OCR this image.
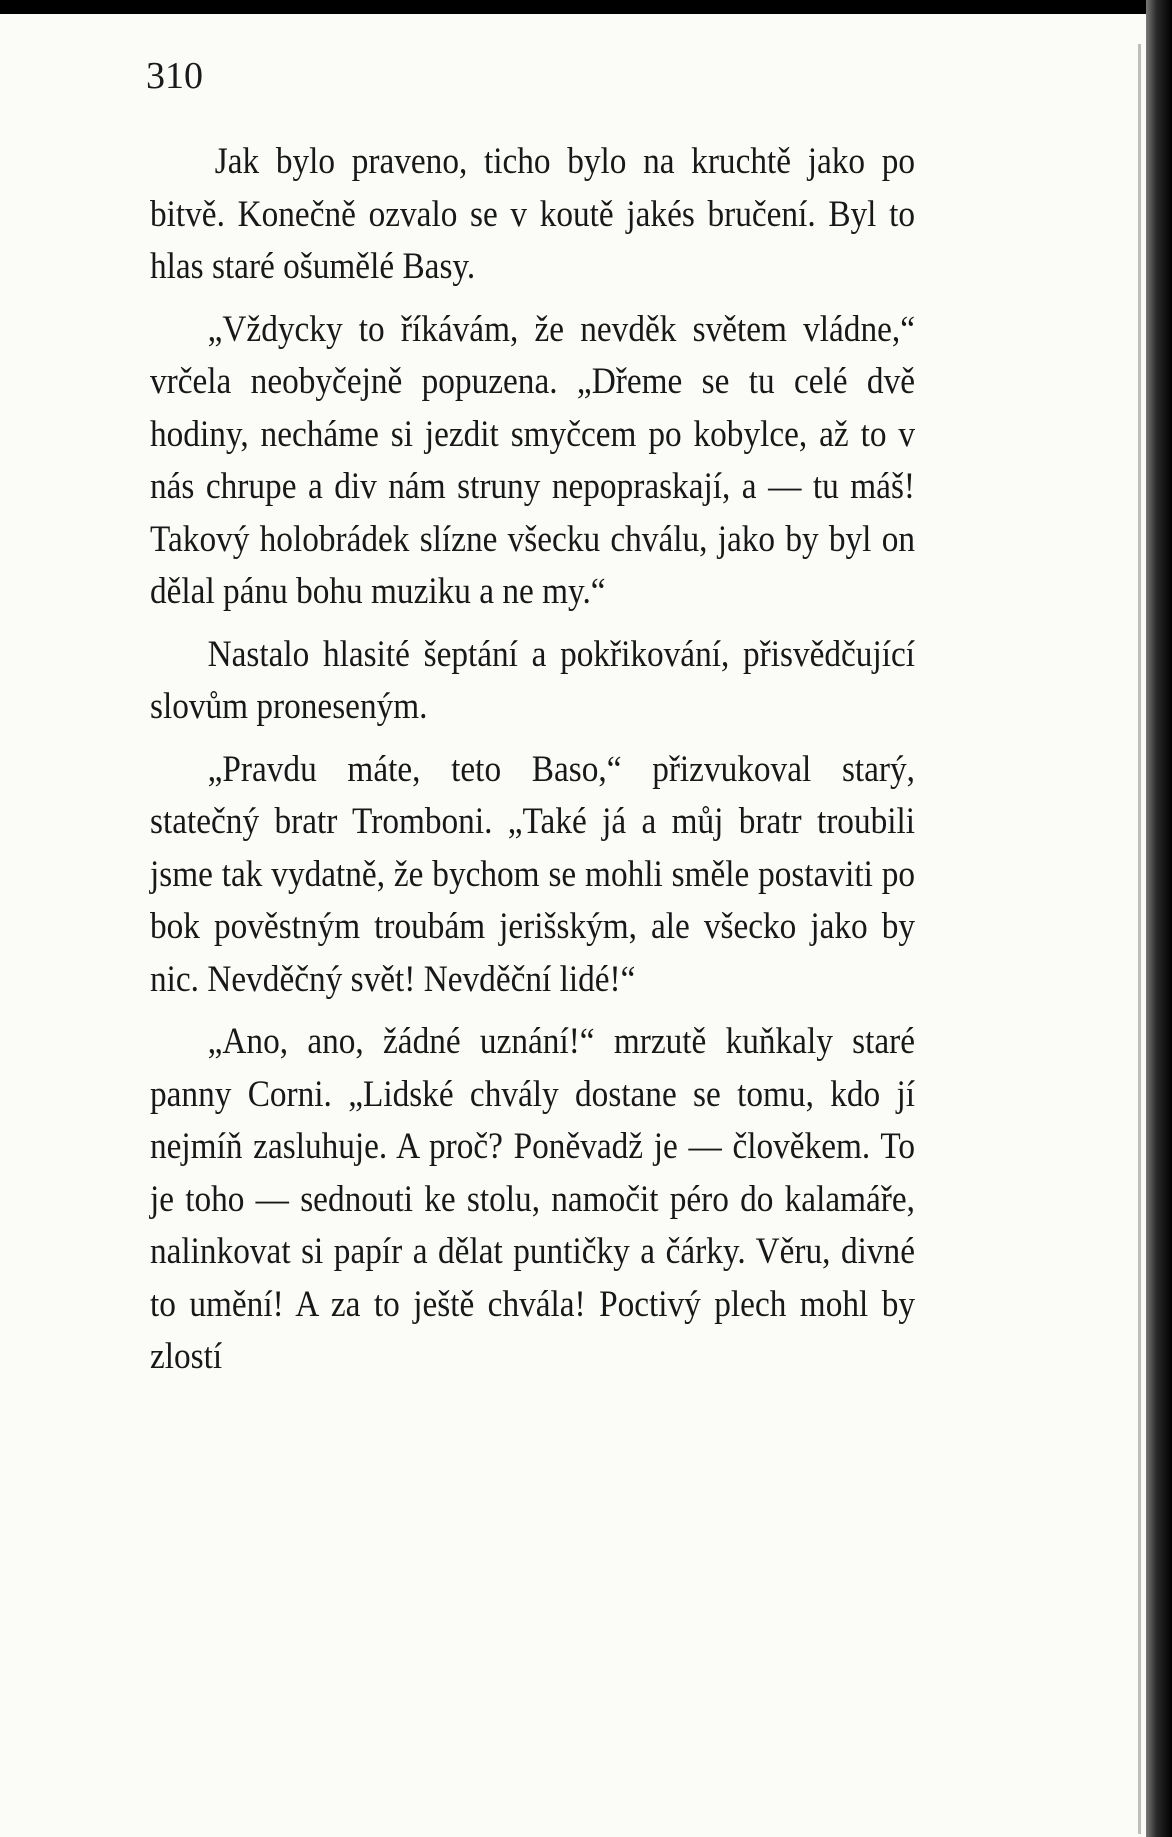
310

Jak bylo praveno, ticho bylo na kruchtě jako po bitvě. Konečně ozvalo se v koutě jakés bručení. Byl to hlas staré ošumělé Basy.

„Vždycky to říkávám, že nevděk světem vládne,“ vrčela neobyčejně popuzena. „Dřeme se tu celé dvě hodiny, necháme si jezdit smyčcem po kobylce, až to v nás chrupe a div nám struny nepopraskají, a — tu máš! Takový holobrádek slízne všecku chválu, jako by byl on dělal pánu bohu muziku a ne my.“

Nastalo hlasité šeptání a pokřikování, přisvědčující slovům proneseným.

„Pravdu máte, teto Baso,“ přizvukoval starý, statečný bratr Tromboni. „Také já a můj bratr troubili jsme tak vydatně, že bychom se mohli směle postaviti po bok pověstným troubám jerišským, ale všecko jako by nic. Nevděčný svět! Nevděční lidé!“

„Ano, ano, žádné uznání!“ mrzutě kuňkaly staré panny Corni. „Lidské chvály dostane se tomu, kdo jí nejmíň zasluhuje. A proč? Poněvadž je — člověkem. To je toho — sednouti ke stolu, namočit péro do kalamáře, nalinkovat si papír a dělat puntičky a čárky. Věru, divné to umění! A za to ještě chvála! Poctivý plech mohl by zlostí
